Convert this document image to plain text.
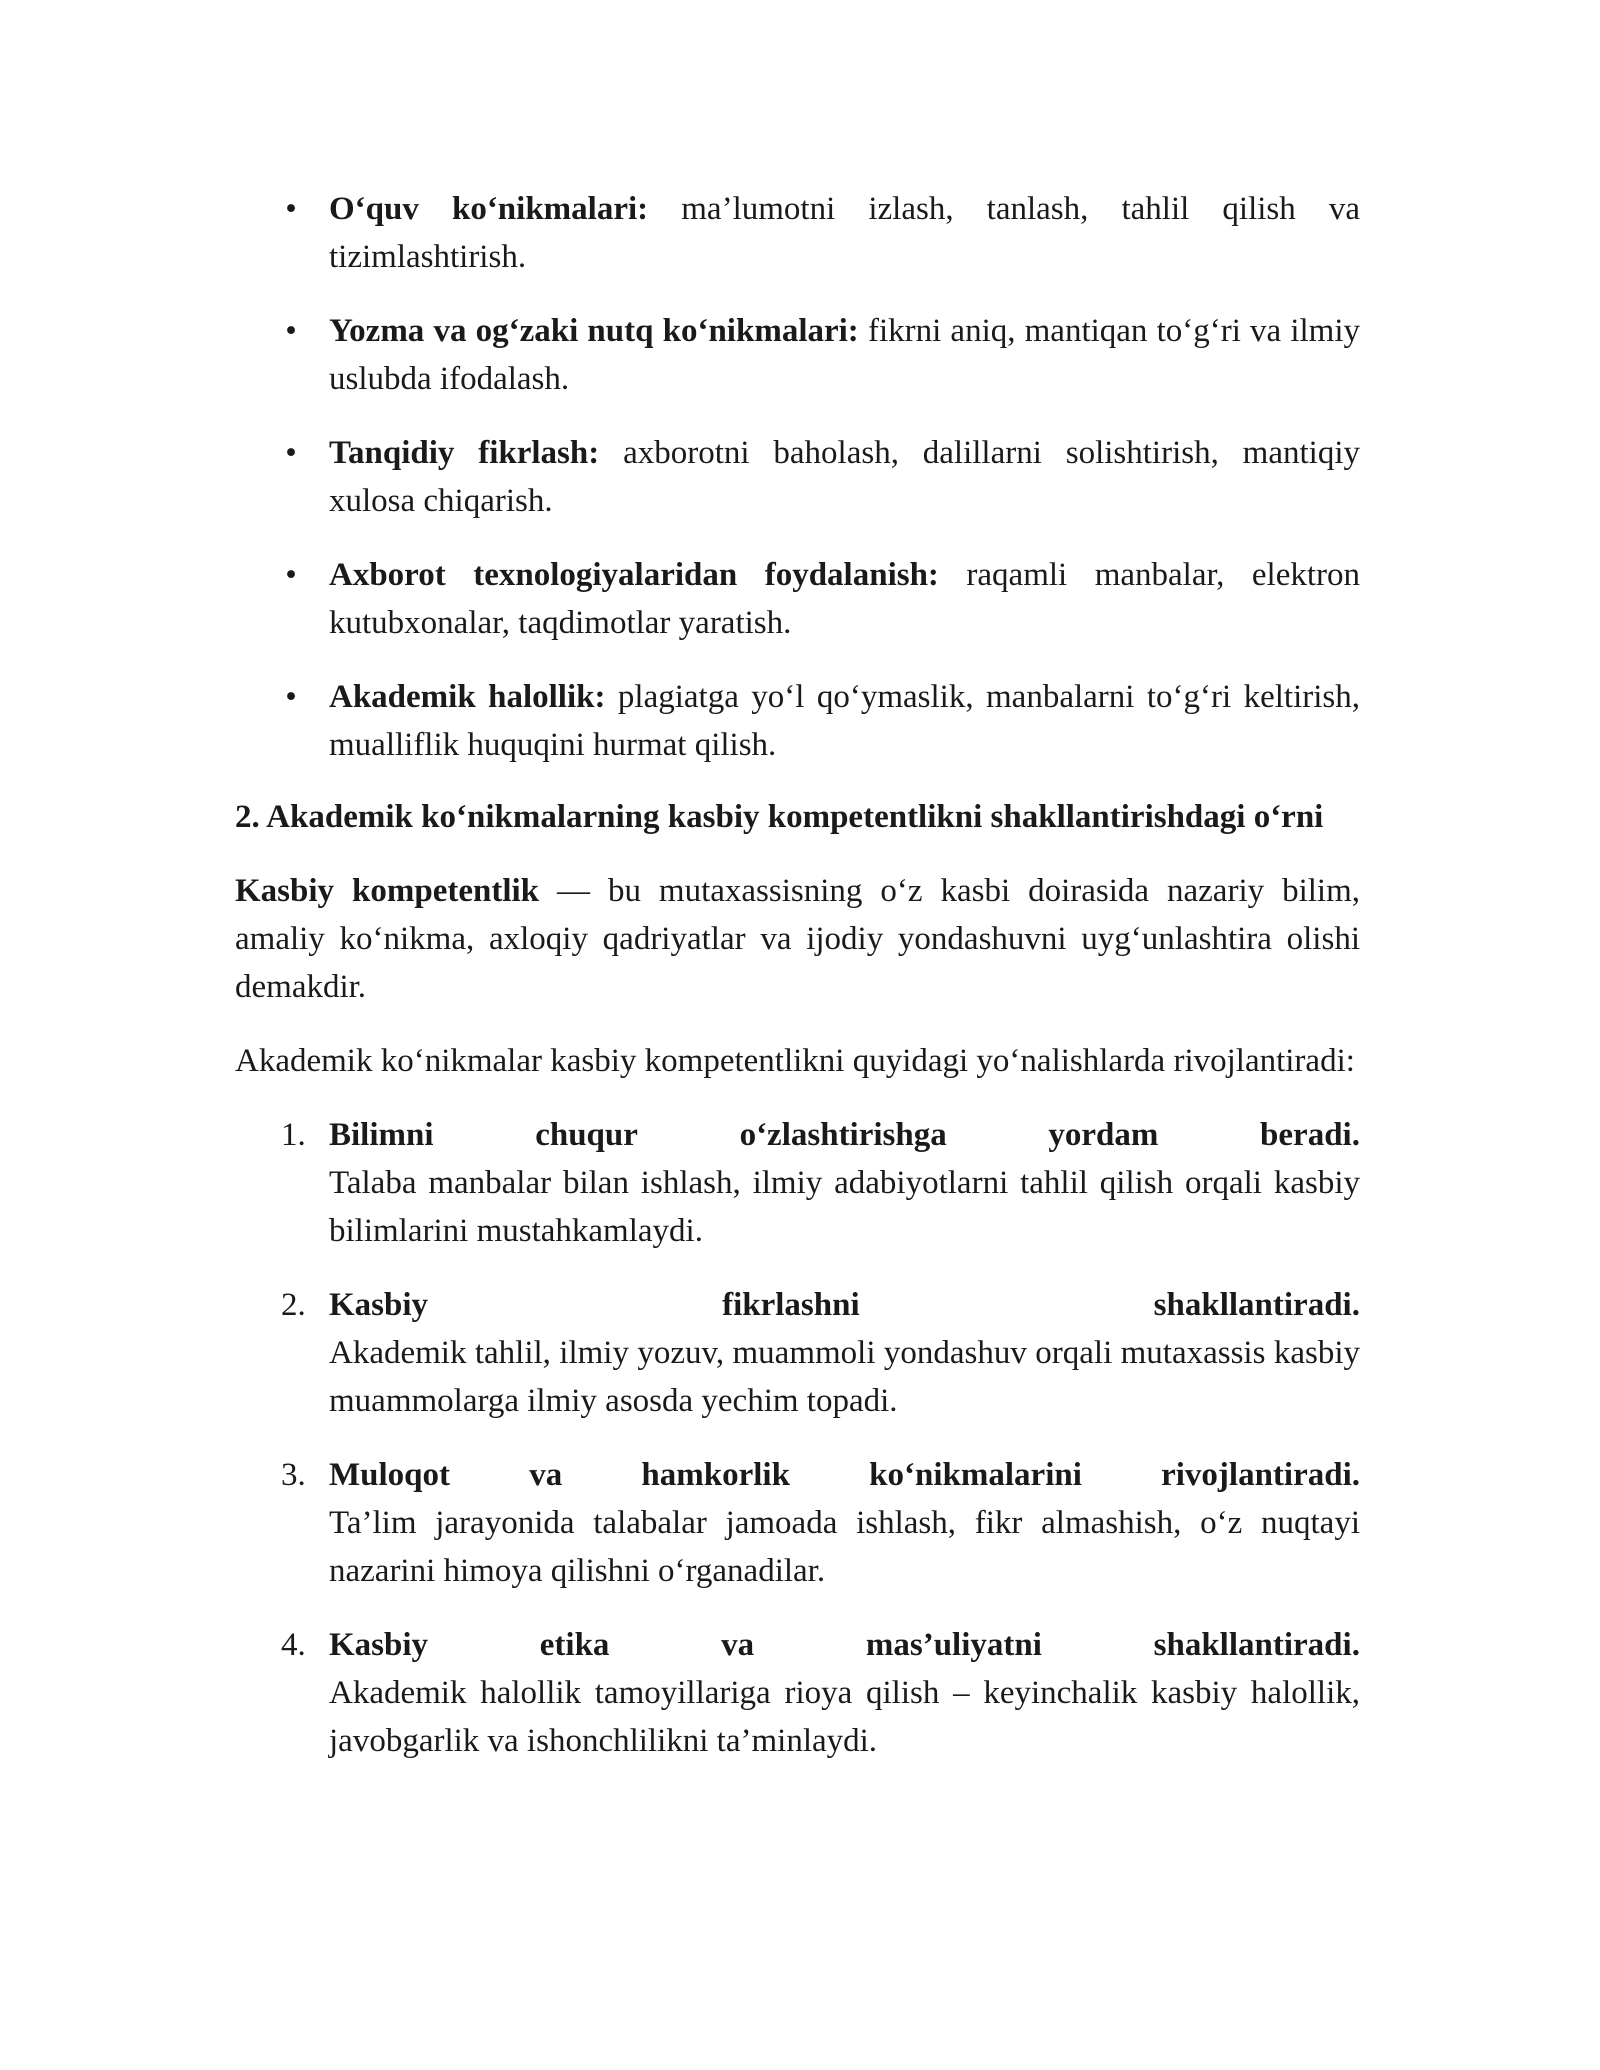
• O‘quv ko‘nikmalari: ma’lumotni izlash, tanlash, tahlil qilish va tizimlashtirish.
• Yozma va og‘zaki nutq ko‘nikmalari: fikrni aniq, mantiqan to‘g‘ri va ilmiy uslubda ifodalash.
• Tanqidiy fikrlash: axborotni baholash, dalillarni solishtirish, mantiqiy xulosa chiqarish.
• Axborot texnologiyalaridan foydalanish: raqamli manbalar, elektron kutubxonalar, taqdimotlar yaratish.
• Akademik halollik: plagiatga yo‘l qo‘ymaslik, manbalarni to‘g‘ri keltirish, mualliflik huquqini hurmat qilish.

2. Akademik ko‘nikmalarning kasbiy kompetentlikni shakllantirishdagi o‘rni

Kasbiy kompetentlik — bu mutaxassisning o‘z kasbi doirasida nazariy bilim, amaliy ko‘nikma, axloqiy qadriyatlar va ijodiy yondashuvni uyg‘unlashtira olishi demakdir.

Akademik ko‘nikmalar kasbiy kompetentlikni quyidagi yo‘nalishlarda rivojlantiradi:

1. Bilimni	chuqur	o‘zlashtirishga	yordam	beradi.
Talaba manbalar bilan ishlash, ilmiy adabiyotlarni tahlil qilish orqali kasbiy bilimlarini mustahkamlaydi.
2. Kasbiy	fikrlashni	shakllantiradi.
Akademik tahlil, ilmiy yozuv, muammoli yondashuv orqali mutaxassis kasbiy muammolarga ilmiy asosda yechim topadi.
3. Muloqot va hamkorlik ko‘nikmalarini rivojlantiradi.
Ta’lim jarayonida talabalar jamoada ishlash, fikr almashish, o‘z nuqtayi nazarini himoya qilishni o‘rganadilar.
4. Kasbiy	etika	va	mas’uliyatni	shakllantiradi.
Akademik halollik tamoyillariga rioya qilish – keyinchalik kasbiy halollik, javobgarlik va ishonchlilikni ta’minlaydi.
